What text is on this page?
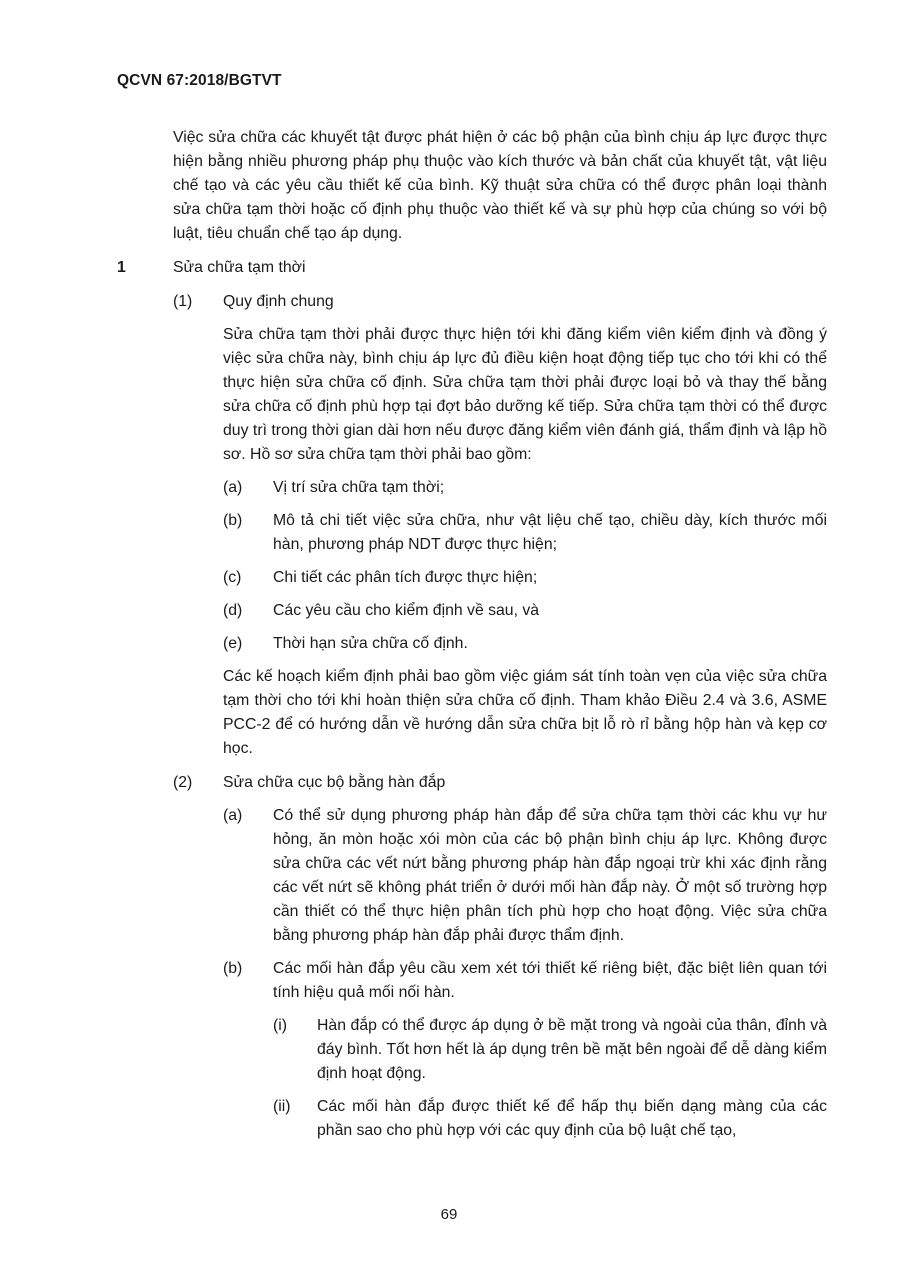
QCVN 67:2018/BGTVT

Việc sửa chữa các khuyết tật được phát hiện ở các bộ phận của bình chịu áp lực được thực hiện bằng nhiều phương pháp phụ thuộc vào kích thước và bản chất của khuyết tật, vật liệu chế tạo và các yêu cầu thiết kế của bình. Kỹ thuật sửa chữa có thể được phân loại thành sửa chữa tạm thời hoặc cố định phụ thuộc vào thiết kế và sự phù hợp của chúng so với bộ luật, tiêu chuẩn chế tạo áp dụng.

1	Sửa chữa tạm thời
(1)	Quy định chung

Sửa chữa tạm thời phải được thực hiện tới khi đăng kiểm viên kiểm định và đồng ý việc sửa chữa này, bình chịu áp lực đủ điều kiện hoạt động tiếp tục cho tới khi có thể thực hiện sửa chữa cố định. Sửa chữa tạm thời phải được loại bỏ và thay thế bằng sửa chữa cố định phù hợp tại đợt bảo dưỡng kế tiếp. Sửa chữa tạm thời có thể được duy trì trong thời gian dài hơn nếu được đăng kiểm viên đánh giá, thẩm định và lập hồ sơ. Hồ sơ sửa chữa tạm thời phải bao gồm:

(a)	Vị trí sửa chữa tạm thời;

(b)	Mô tả chi tiết việc sửa chữa, như vật liệu chế tạo, chiều dày, kích thước mối hàn, phương pháp NDT được thực hiện;

(c)	Chi tiết các phân tích được thực hiện;

(d)	Các yêu cầu cho kiểm định về sau, và

(e)	Thời hạn sửa chữa cố định.

Các kế hoạch kiểm định phải bao gồm việc giám sát tính toàn vẹn của việc sửa chữa tạm thời cho tới khi hoàn thiện sửa chữa cố định. Tham khảo Điều 2.4 và 3.6, ASME PCC-2 để có hướng dẫn về hướng dẫn sửa chữa bịt lỗ rò rỉ bằng hộp hàn và kẹp cơ học.

(2)	Sửa chữa cục bộ bằng hàn đắp
(a)	Có thể sử dụng phương pháp hàn đắp để sửa chữa tạm thời các khu vự hư hỏng, ăn mòn hoặc xói mòn của các bộ phận bình chịu áp lực. Không được sửa chữa các vết nứt bằng phương pháp hàn đắp ngoại trừ khi xác định rằng các vết nứt sẽ không phát triển ở dưới mối hàn đắp này. Ở một số trường hợp cần thiết có thể thực hiện phân tích phù hợp cho hoạt động. Việc sửa chữa bằng phương pháp hàn đắp phải được thẩm định.

(b)	Các mối hàn đắp yêu cầu xem xét tới thiết kế riêng biệt, đặc biệt liên quan tới tính hiệu quả mối nối hàn.

(i)	Hàn đắp có thể được áp dụng ở bề mặt trong và ngoài của thân, đỉnh và đáy bình. Tốt hơn hết là áp dụng trên bề mặt bên ngoài để dễ dàng kiểm định hoạt động.

(ii)	Các mối hàn đắp được thiết kế để hấp thụ biến dạng màng của các phần sao cho phù hợp với các quy định của bộ luật chế tạo,

69
